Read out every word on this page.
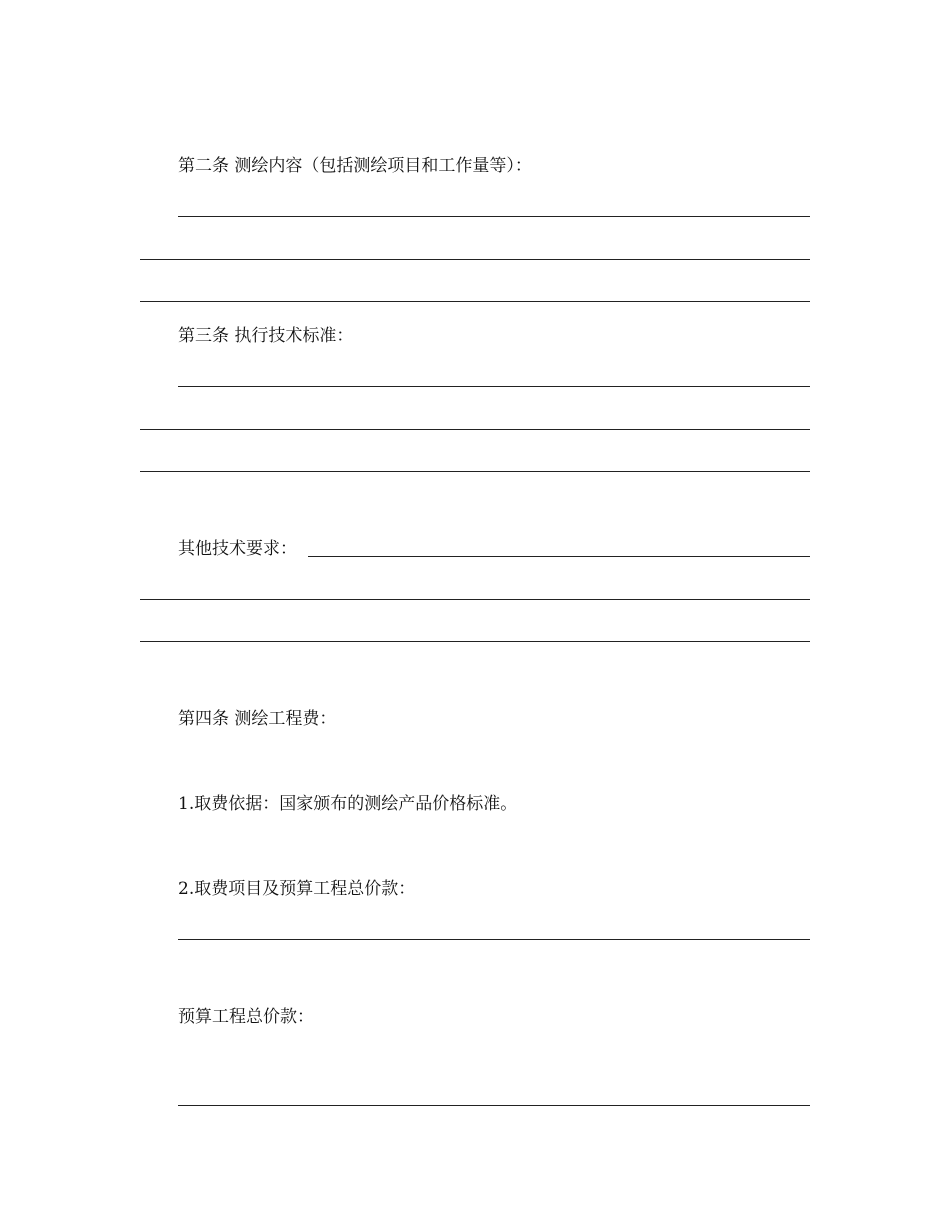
第二条 测绘内容（包括测绘项目和工作量等）：
第三条 执行技术标准：
其他技术要求：
第四条 测绘工程费：
1.取费依据：国家颁布的测绘产品价格标准。
2.取费项目及预算工程总价款：
预算工程总价款：
